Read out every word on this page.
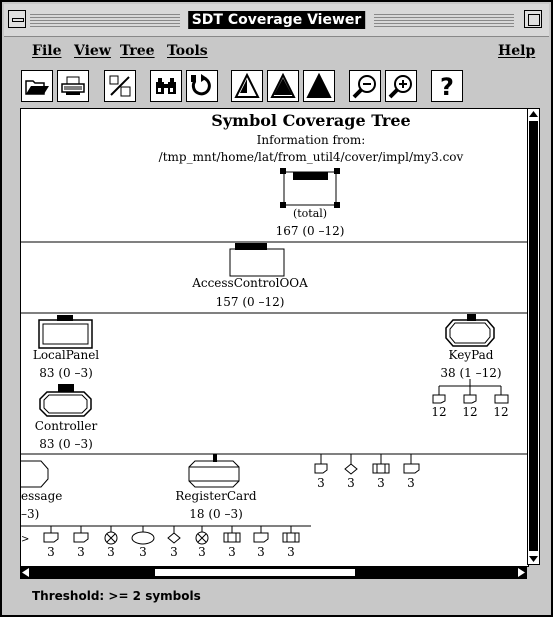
SDT Coverage Viewer
File View Tree Tools	Help
?
>
Symbol Coverage Tree
Information from:
/tmp_mnt/home/lat/from_util4/cover/impl/my3.cov
(total)
167 (0 –12)
AccessControlOOA
157 (0 –12)
LocalPanel
83 (0 –3)
KeyPad
38 (1 –12)
12 12 12
Controller
83 (0 –3)
essage
–3)
RegisterCard
18 (0 –3)
3 3 3 3
3 3 3 3 3 3 3 3 3
Threshold: >= 2 symbols
